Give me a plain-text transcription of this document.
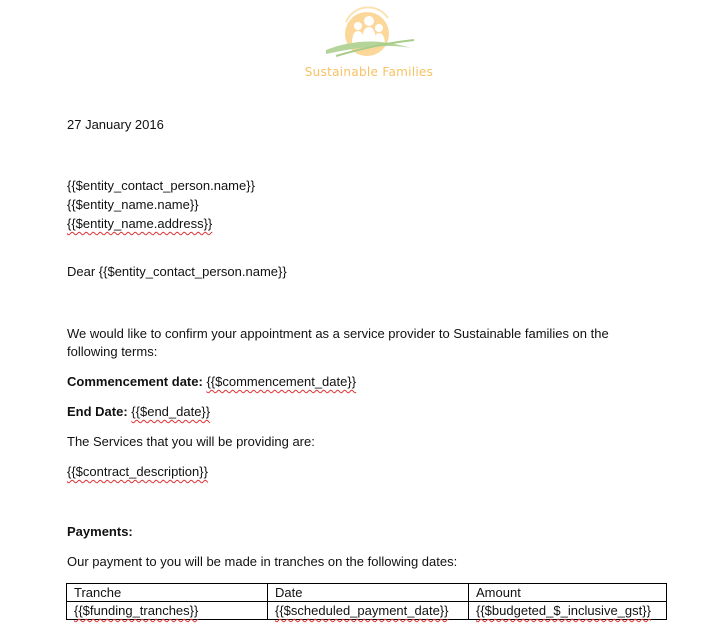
Sustainable Families
27 January 2016
{{$entity_contact_person.name}}
{{$entity_name.name}}
{{$entity_name.address}}
Dear {{$entity_contact_person.name}}
We would like to confirm your appointment as a service provider to Sustainable families on the
following terms:
Commencement date: {{$commencement_date}}
End Date: {{$end_date}}
The Services that you will be providing are:
{{$contract_description}}
Payments:
Our payment to you will be made in tranches on the following dates:
Tranche	Date	Amount
{{$funding_tranches}}	{{$scheduled_payment_date}}	{{$budgeted_$_inclusive_gst}}
